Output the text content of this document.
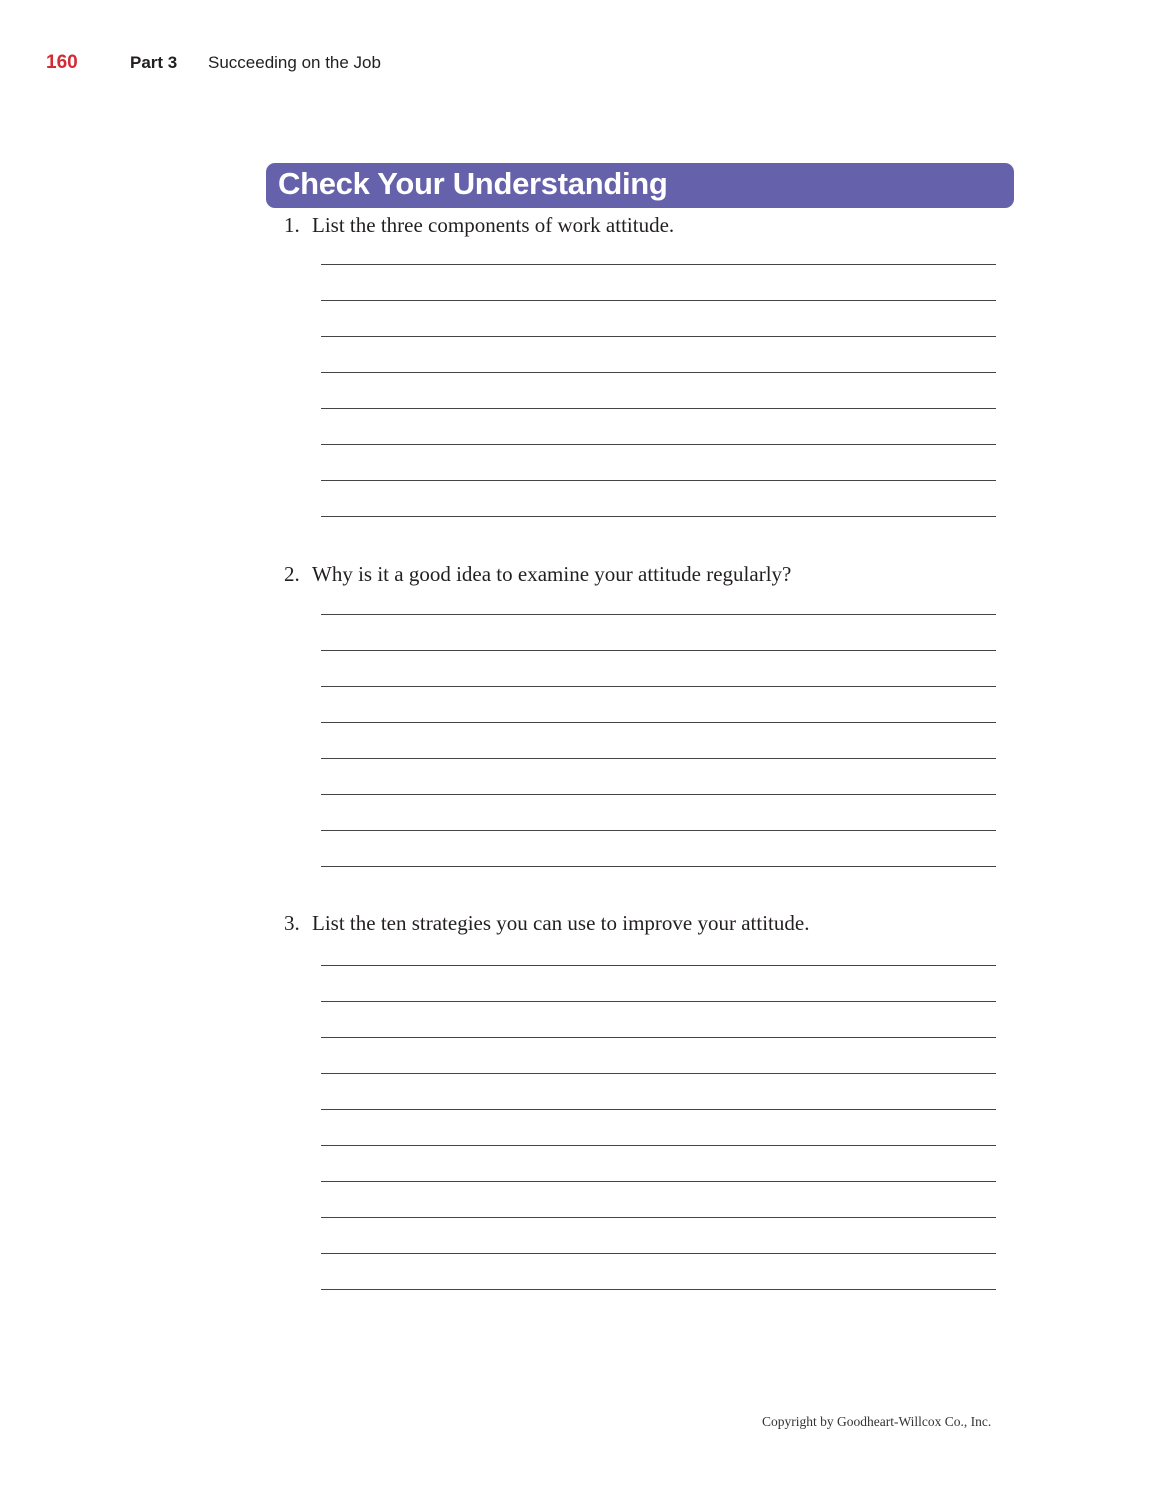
160	Part 3	Succeeding on the Job
Check Your Understanding
1. List the three components of work attitude.
2. Why is it a good idea to examine your attitude regularly?
3. List the ten strategies you can use to improve your attitude.
Copyright by Goodheart-Willcox Co., Inc.
